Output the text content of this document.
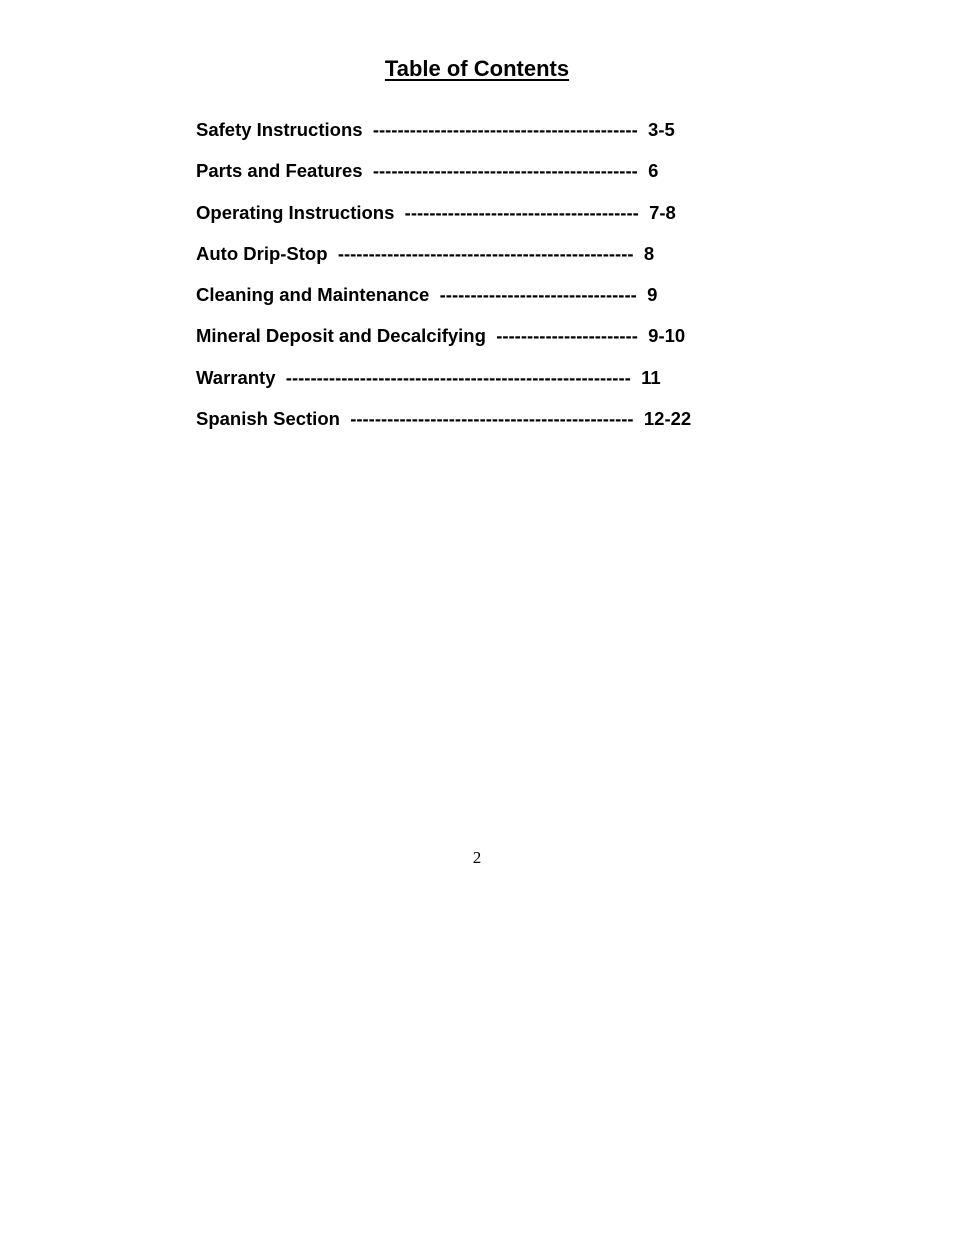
Table of Contents
Safety Instructions ------------------------------------------- 3-5
Parts and Features ------------------------------------------- 6
Operating Instructions -------------------------------------- 7-8
Auto Drip-Stop ------------------------------------------------ 8
Cleaning and Maintenance -------------------------------- 9
Mineral Deposit and Decalcifying ----------------------- 9-10
Warranty -------------------------------------------------------- 11
Spanish Section ---------------------------------------------- 12-22
2
